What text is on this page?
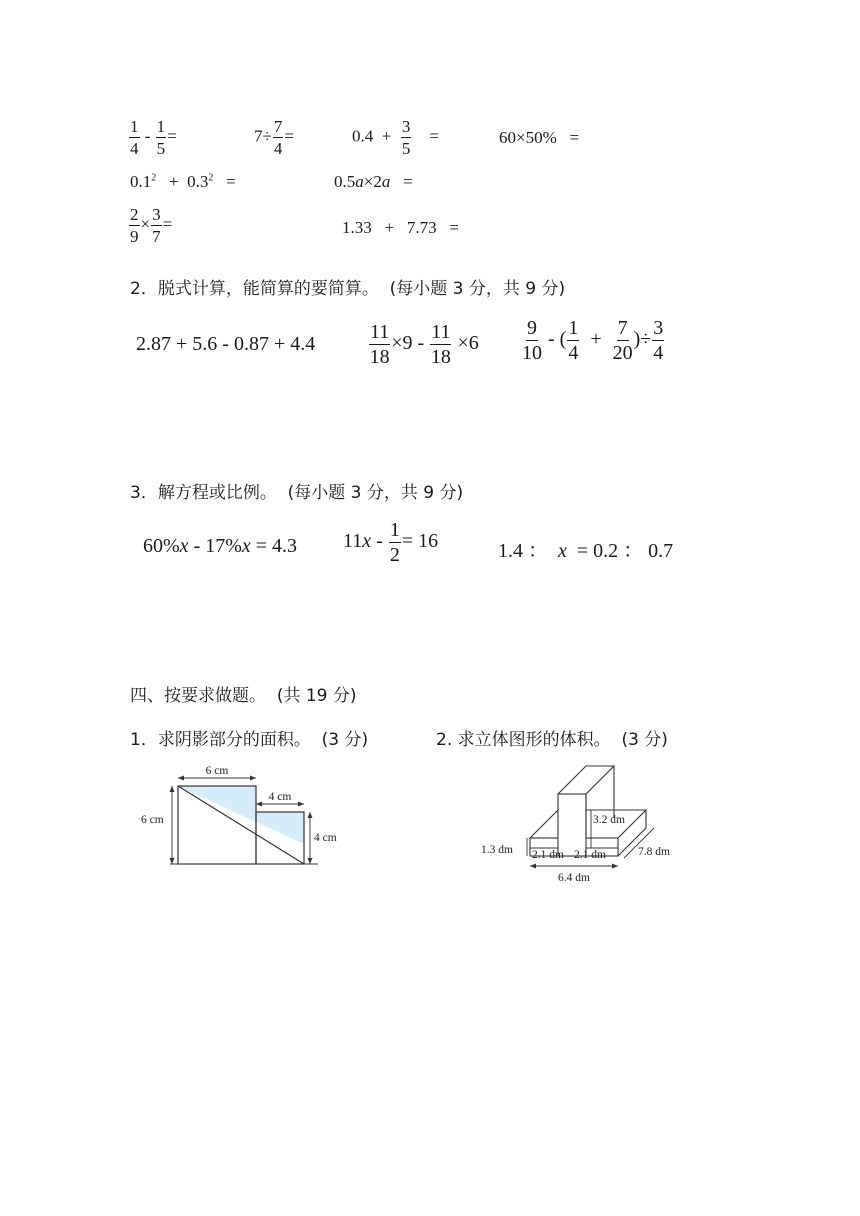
$\frac{1}{4} - \frac{1}{5}$ =	$7\div \frac{7}{4}$ =	$0.4 + \frac{3}{5}$ =	60×50% =
$0.1^2 + 0.3^2$ =	0.5a×2a =
$\frac{2}{9} \times \frac{3}{7}$ =	1.33 + 7.73 =
2．脱式计算，能简算的要简算。 (每小题 3 分，共 9 分)
2.87 + 5.6 - 0.87 + 4.4	$\frac{11}{18} \times 9 - \frac{11}{18} \times 6 \frac{9}{10}$ - ( $\frac{1}{4} + \frac{7}{20}$ )÷ $\frac{3}{4}$
3．解方程或比例。 (每小题 3 分，共 9 分)
60%x - 17%x = 4.3 $11x - \frac{1}{2} = 16$	1.4 ： x = 0.2 ： 0.7
四、按要求做题。 (共 19 分)
1．求阴影部分的面积。 (3 分)	2. 求立体图形的体积。 (3 分)
6 cm
6 cm
4 cm
4 cm
3.2 dm
1.3 dm 2.1 dm 2.1 dm
6.4 dm
7.8 dm
